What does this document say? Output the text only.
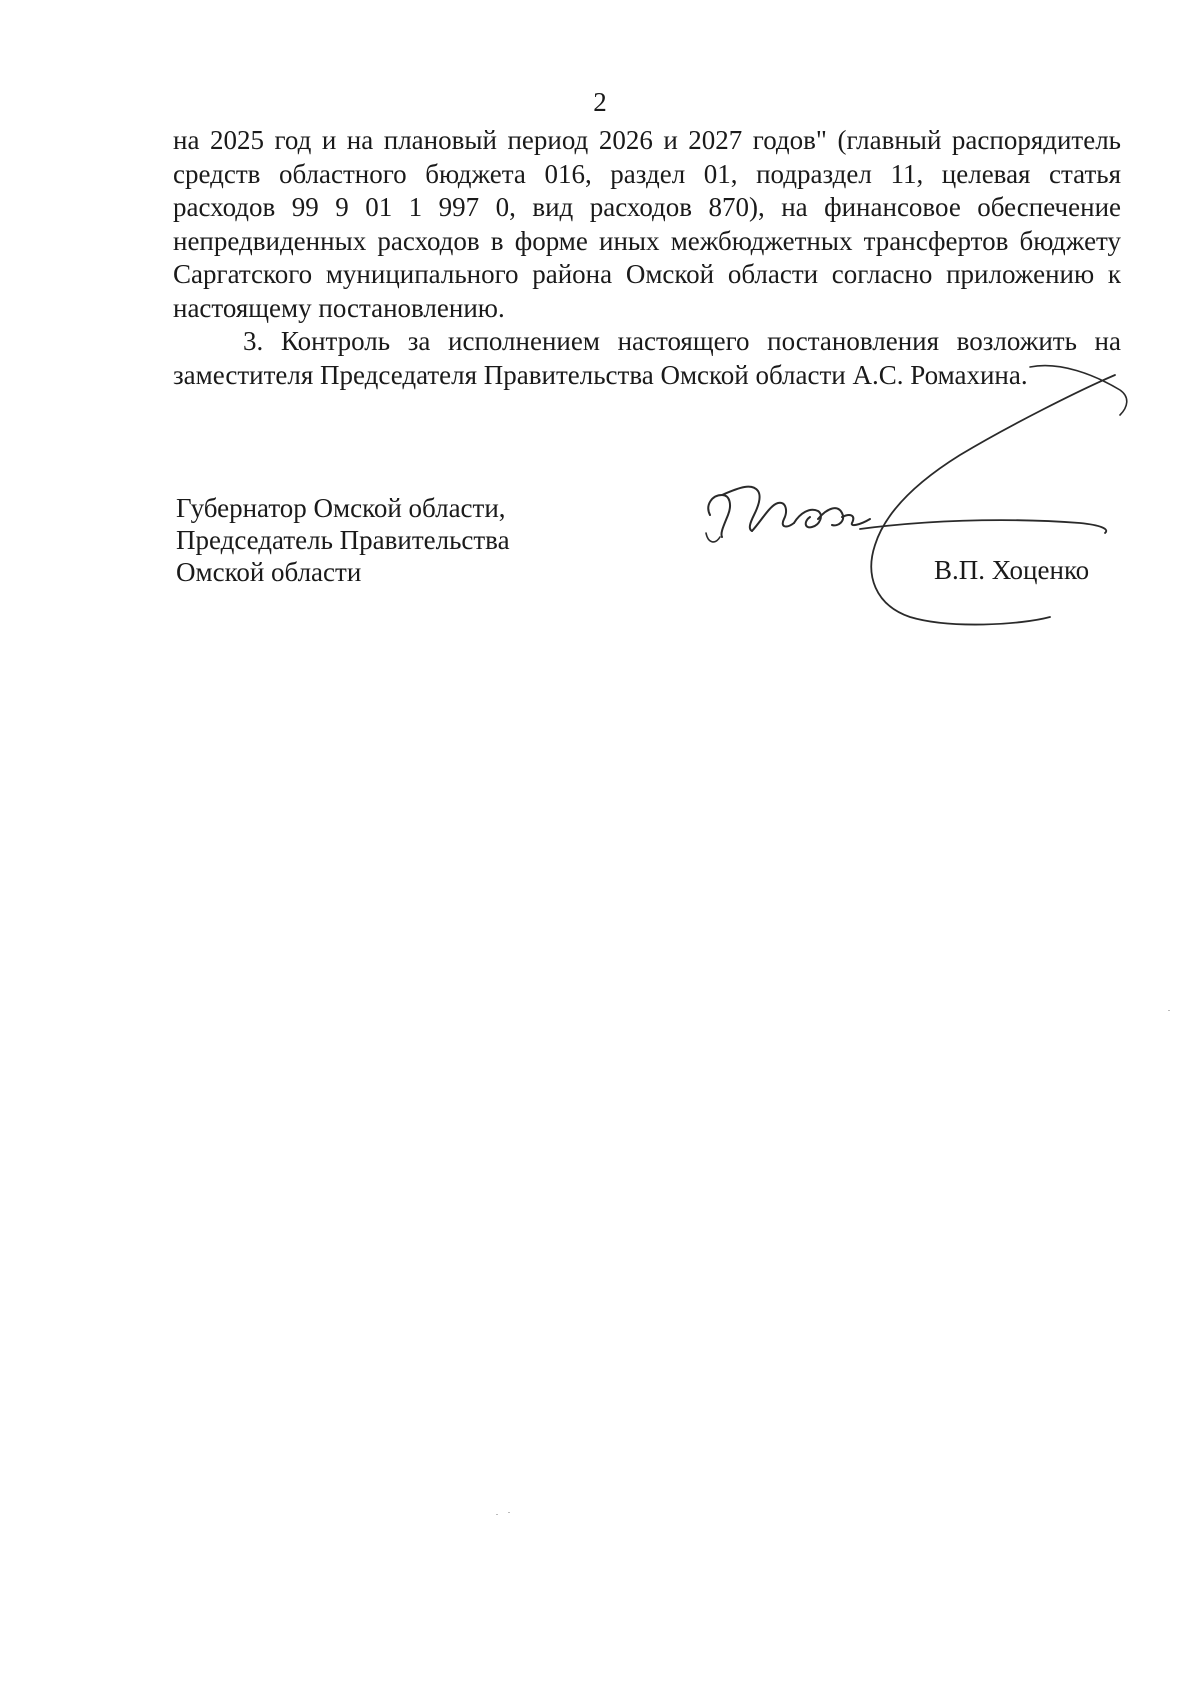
2

на 2025 год и на плановый период 2026 и 2027 годов" (главный распорядитель средств областного бюджета 016, раздел 01, подраздел 11, целевая статья расходов 99 9 01 1 997 0, вид расходов 870), на финансовое обеспечение непредвиденных расходов в форме иных межбюджетных трансфертов бюджету Саргатского муниципального района Омской области согласно приложению к настоящему постановлению.

3. Контроль за исполнением настоящего постановления возложить на заместителя Председателя Правительства Омской области А.С. Ромахина.

Губернатор Омской области,
Председатель Правительства
Омской области	В.П. Хоценко
